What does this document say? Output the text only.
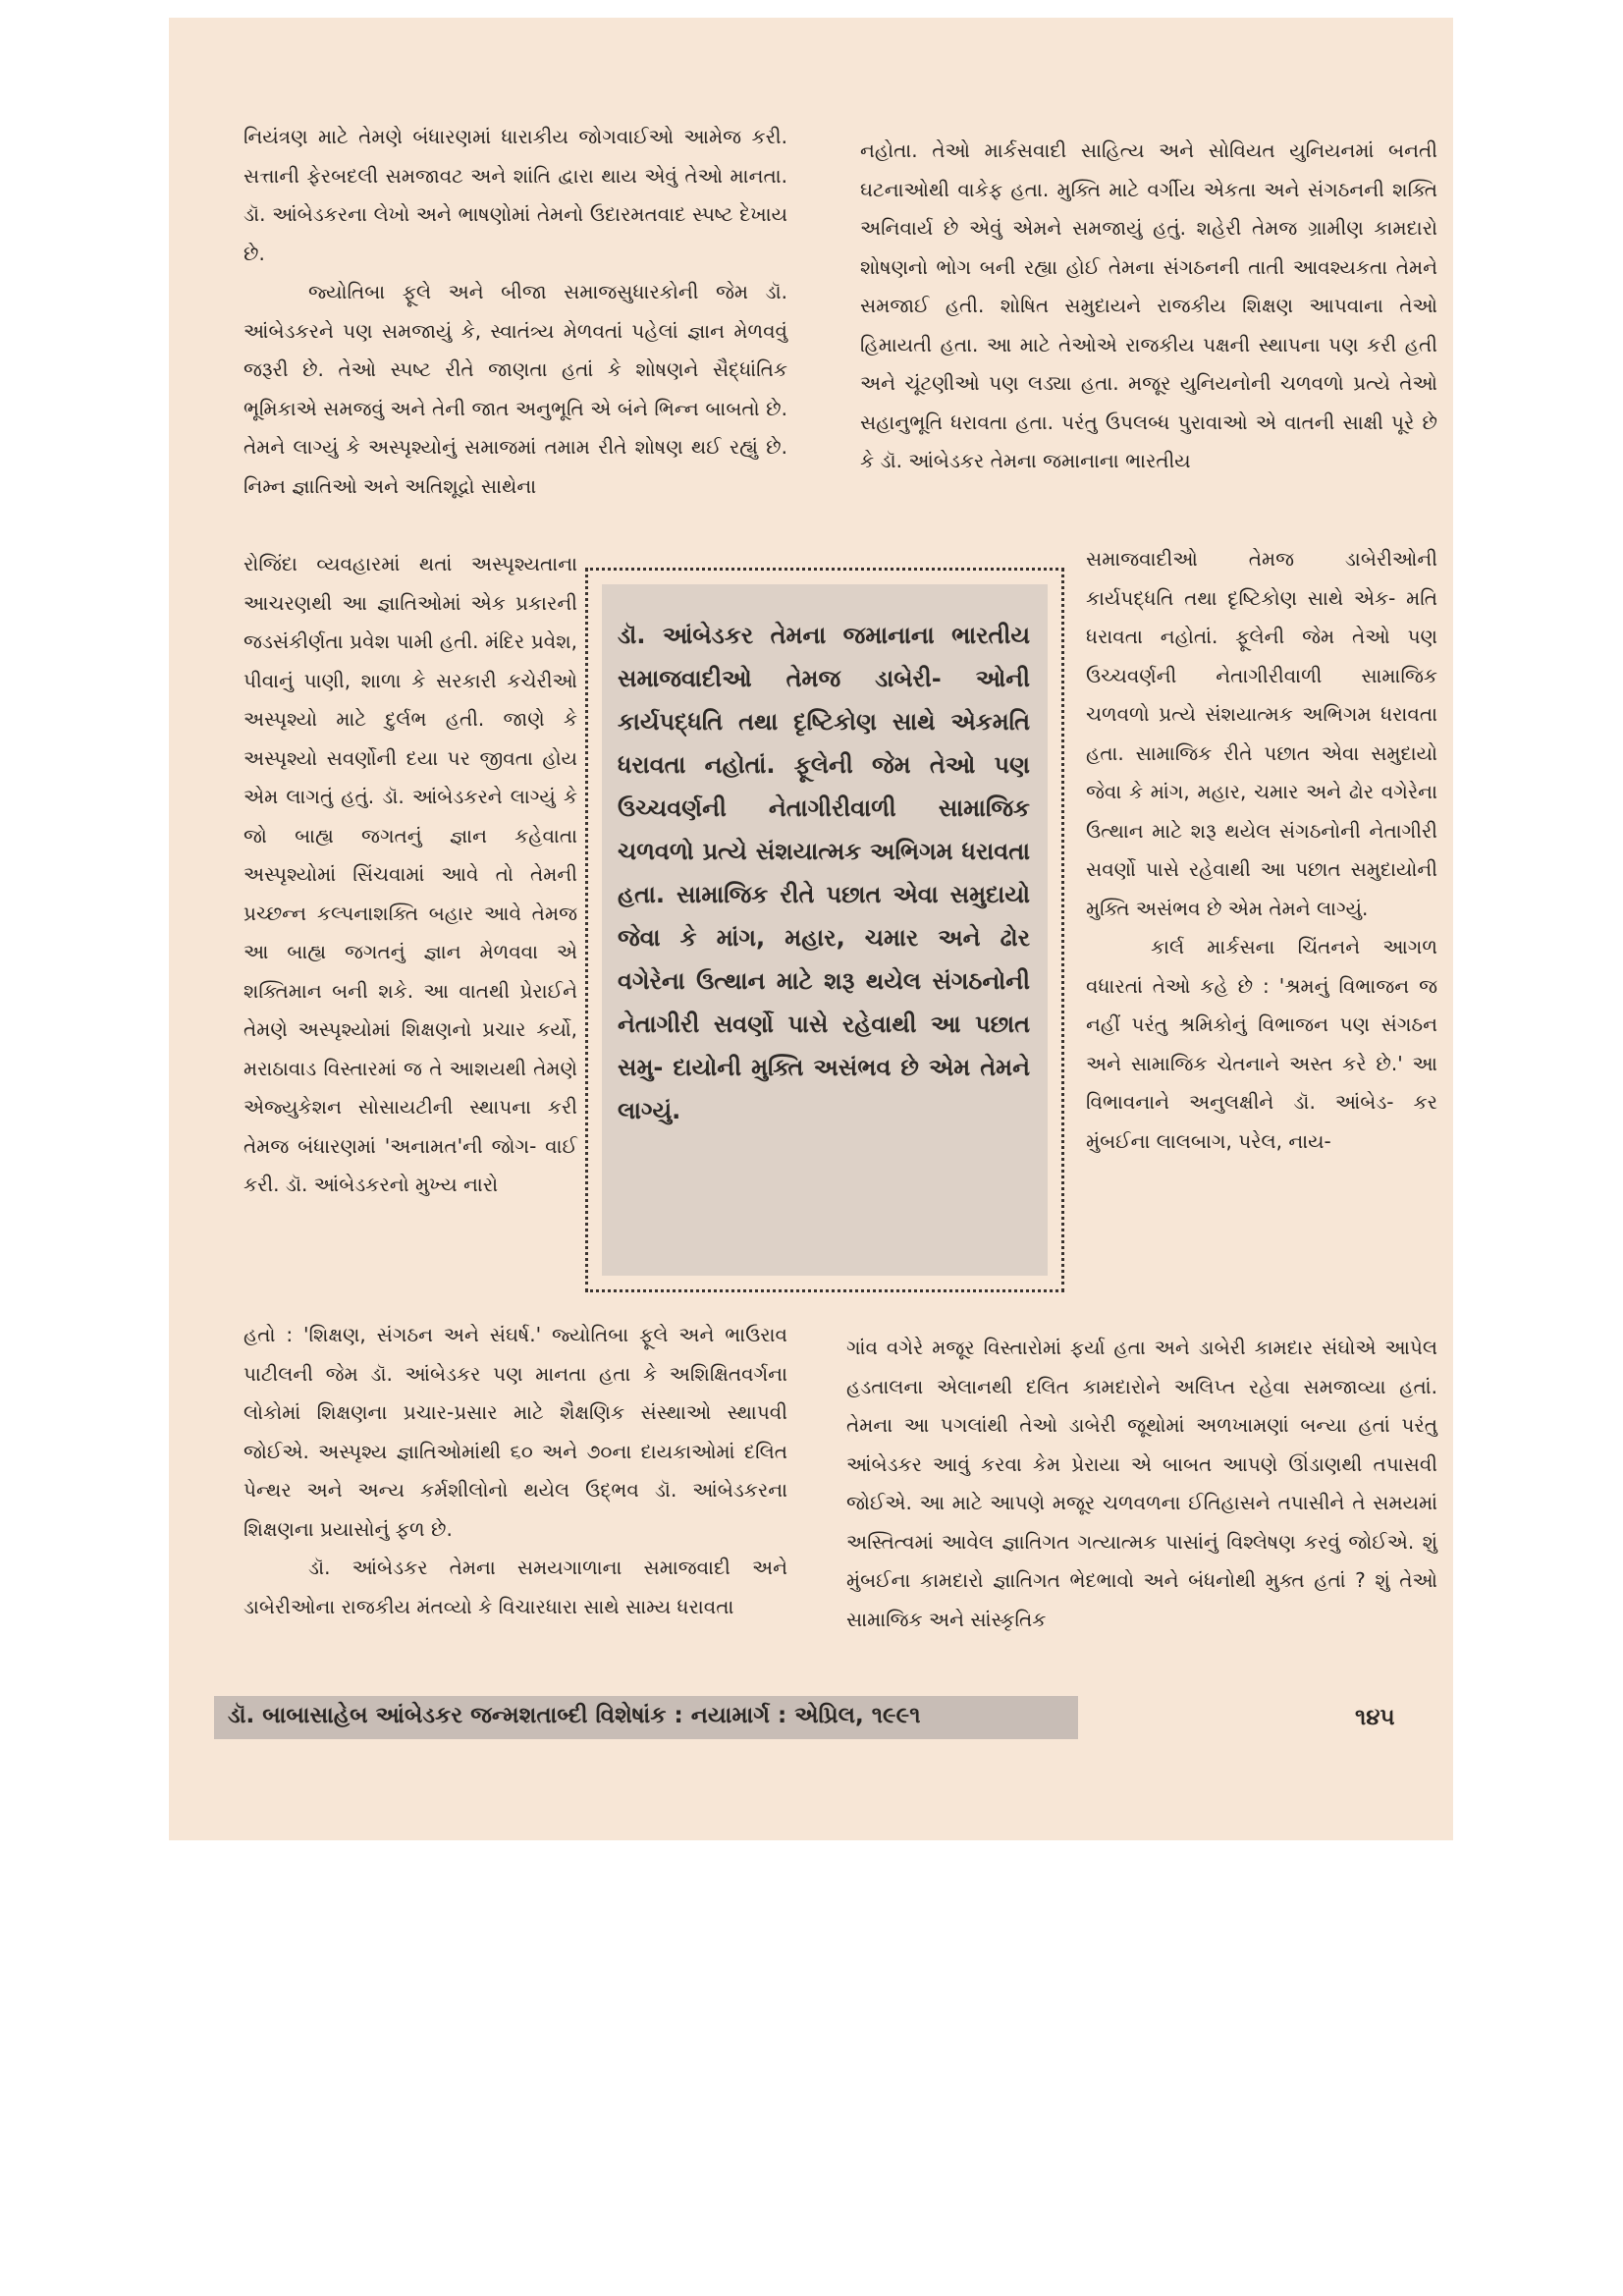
નિયંત્રણ માટે તેમણે બંધારણમાં ધારાકીય જોગવાઈઓ આમેજ કરી. સત્તાની ફેરબદલી સમજાવટ અને શાંતિ દ્વારા થાય એવું તેઓ માનતા. ડૉ. આંબેડકરના લેખો અને ભાષણોમાં તેમનો ઉદારમતવાદ સ્પષ્ટ દેખાય છે.

જ્યોતિબા ફૂલે અને બીજા સમાજસુધારકોની જેમ ડૉ. આંબેડકરને પણ સમજાયું કે, સ્વાતંત્ર્ય મેળવતાં પહેલાં જ્ઞાન મેળવવું જરૂરી છે. તેઓ સ્પષ્ટ રીતે જાણતા હતાં કે શોષણને સૈદ્ધાંતિક ભૂમિકાએ સમજવું અને તેની જાત અનુભૂતિ એ બંને ભિન્ન બાબતો છે. તેમને લાગ્યું કે અસ્પૃશ્યોનું સમાજમાં તમામ રીતે શોષણ થઈ રહ્યું છે. નિમ્ન જ્ઞાતિઓ અને અતિશૂદ્રો સાથેના

રોજિંદા વ્યવહારમાં થતાં અસ્પૃશ્યતાના આચરણથી આ જ્ઞાતિઓમાં એક પ્રકારની જડસંકીર્ણતા પ્રવેશ પામી હતી. મંદિર પ્રવેશ, પીવાનું પાણી, શાળા કે સરકારી કચેરીઓ અસ્પૃશ્યો માટે દુર્લભ હતી. જાણે કે અસ્પૃશ્યો સવર્ણોની દયા પર જીવતા હોય એમ લાગતું હતું. ડૉ. આંબેડકરને લાગ્યું કે જો બાહ્ય જગતનું જ્ઞાન કહેવાતા અસ્પૃશ્યોમાં સિંચવામાં આવે તો તેમની પ્રચ્છન્ન કલ્પનાશક્તિ બહાર આવે તેમજ આ બાહ્ય જગતનું જ્ઞાન મેળવવા એ શક્તિમાન બની શકે. આ વાતથી પ્રેરાઈને તેમણે અસ્પૃશ્યોમાં શિક્ષણનો પ્રચાર કર્યો, મરાઠાવાડ વિસ્તારમાં જ તે આશયથી તેમણે એજ્યુકેશન સોસાયટીની સ્થાપના કરી તેમજ બંધારણમાં 'અનામત'ની જોગ- વાઈ કરી. ડૉ. આંબેડકરનો મુખ્ય નારો

હતો : 'શિક્ષણ, સંગઠન અને સંઘર્ષ.' જ્યોતિબા ફૂલે અને ભાઉરાવ પાટીલની જેમ ડૉ. આંબેડકર પણ માનતા હતા કે અશિક્ષિતવર્ગના લોકોમાં શિક્ષણના પ્રચાર-પ્રસાર માટે શૈક્ષણિક સંસ્થાઓ સ્થાપવી જોઈએ. અસ્પૃશ્ય જ્ઞાતિઓમાંથી ૬૦ અને ૭૦ના દાયકાઓમાં દલિત પેન્થર અને અન્ય કર્મશીલોનો થયેલ ઉદ્ભવ ડૉ. આંબેડકરના શિક્ષણના પ્રયાસોનું ફળ છે.

ડૉ. આંબેડકર તેમના સમયગાળાના સમાજવાદી અને ડાબેરીઓના રાજકીય મંતવ્યો કે વિચારધારા સાથે સામ્ય ધરાવતા

નહોતા. તેઓ માર્કસવાદી સાહિત્ય અને સોવિયત યુનિયનમાં બનતી ઘટનાઓથી વાકેફ હતા. મુક્તિ માટે વર્ગીય એકતા અને સંગઠનની શક્તિ અનિવાર્ય છે એવું એમને સમજાયું હતું. શહેરી તેમજ ગ્રામીણ કામદારો શોષણનો ભોગ બની રહ્યા હોઈ તેમના સંગઠનની તાતી આવશ્યકતા તેમને સમજાઈ હતી. શોષિત સમુદાયને રાજકીય શિક્ષણ આપવાના તેઓ હિમાયતી હતા. આ માટે તેઓએ રાજકીય પક્ષની સ્થાપના પણ કરી હતી અને ચૂંટણીઓ પણ લડ્યા હતા. મજૂર યુનિયનોની ચળવળો પ્રત્યે તેઓ સહાનુભૂતિ ધરાવતા હતા. પરંતુ ઉપલબ્ધ પુરાવાઓ એ વાતની સાક્ષી પૂરે છે કે ડૉ. આંબેડકર તેમના જમાનાના ભારતીય

સમાજવાદીઓ તેમજ ડાબેરીઓની કાર્યપદ્ધતિ તથા દૃષ્ટિકોણ સાથે એક- મતિ ધરાવતા નહોતાં. ફૂલેની જેમ તેઓ પણ ઉચ્ચવર્ણની નેતાગીરીવાળી સામાજિક ચળવળો પ્રત્યે સંશયાત્મક અભિગમ ધરાવતા હતા. સામાજિક રીતે પછાત એવા સમુદાયો જેવા કે માંગ, મહાર, ચમાર અને ઢોર વગેરેના ઉત્થાન માટે શરૂ થયેલ સંગઠનોની નેતાગીરી સવર્ણો પાસે રહેવાથી આ પછાત સમુદાયોની મુક્તિ અસંભવ છે એમ તેમને લાગ્યું.

કાર્લ માર્કસના ચિંતનને આગળ વધારતાં તેઓ કહે છે : 'શ્રમનું વિભાજન જ નહીં પરંતુ શ્રમિકોનું વિભાજન પણ સંગઠન અને સામાજિક ચેતનાને અસ્ત કરે છે.' આ વિભાવનાને અનુલક્ષીને ડૉ. આંબેડ- કર મુંબઈના લાલબાગ, પરેલ, નાય-

ગાંવ વગેરે મજૂર વિસ્તારોમાં ફર્યા હતા અને ડાબેરી કામદાર સંઘોએ આપેલ હડતાલના એલાનથી દલિત કામદારોને અલિપ્ત રહેવા સમજાવ્યા હતાં. તેમના આ પગલાંથી તેઓ ડાબેરી જૂથોમાં અળખામણાં બન્યા હતાં પરંતુ આંબેડકર આવું કરવા કેમ પ્રેરાયા એ બાબત આપણે ઊંડાણથી તપાસવી જોઈએ. આ માટે આપણે મજૂર ચળવળના ઈતિહાસને તપાસીને તે સમયમાં અસ્તિત્વમાં આવેલ જ્ઞાતિગત ગત્યાત્મક પાસાંનું વિશ્લેષણ કરવું જોઈએ. શું મુંબઈના કામદારો જ્ઞાતિગત ભેદભાવો અને બંધનોથી મુક્ત હતાં ? શું તેઓ સામાજિક અને સાંસ્કૃતિક

ડૉ. આંબેડકર તેમના જમાનાના ભારતીય સમાજવાદીઓ તેમજ ડાબેરી- ઓની કાર્યપદ્ધતિ તથા દૃષ્ટિકોણ સાથે એકમતિ ધરાવતા નહોતાં. ફૂલેની જેમ તેઓ પણ ઉચ્ચવર્ણની નેતાગીરીવાળી સામાજિક ચળવળો પ્રત્યે સંશયાત્મક અભિગમ ધરાવતા હતા. સામાજિક રીતે પછાત એવા સમુદાયો જેવા કે માંગ, મહાર, ચમાર અને ઢોર વગેરેના ઉત્થાન માટે શરૂ થયેલ સંગઠનોની નેતાગીરી સવર્ણો પાસે રહેવાથી આ પછાત સમુ- દાયોની મુક્તિ અસંભવ છે એમ તેમને લાગ્યું.
ડૉ. બાબાસાહેબ આંબેડકર જન્મશતાબ્દી વિશેષાંક : નયામાર્ગ : એપ્રિલ, ૧૯૯૧	૧૪૫
